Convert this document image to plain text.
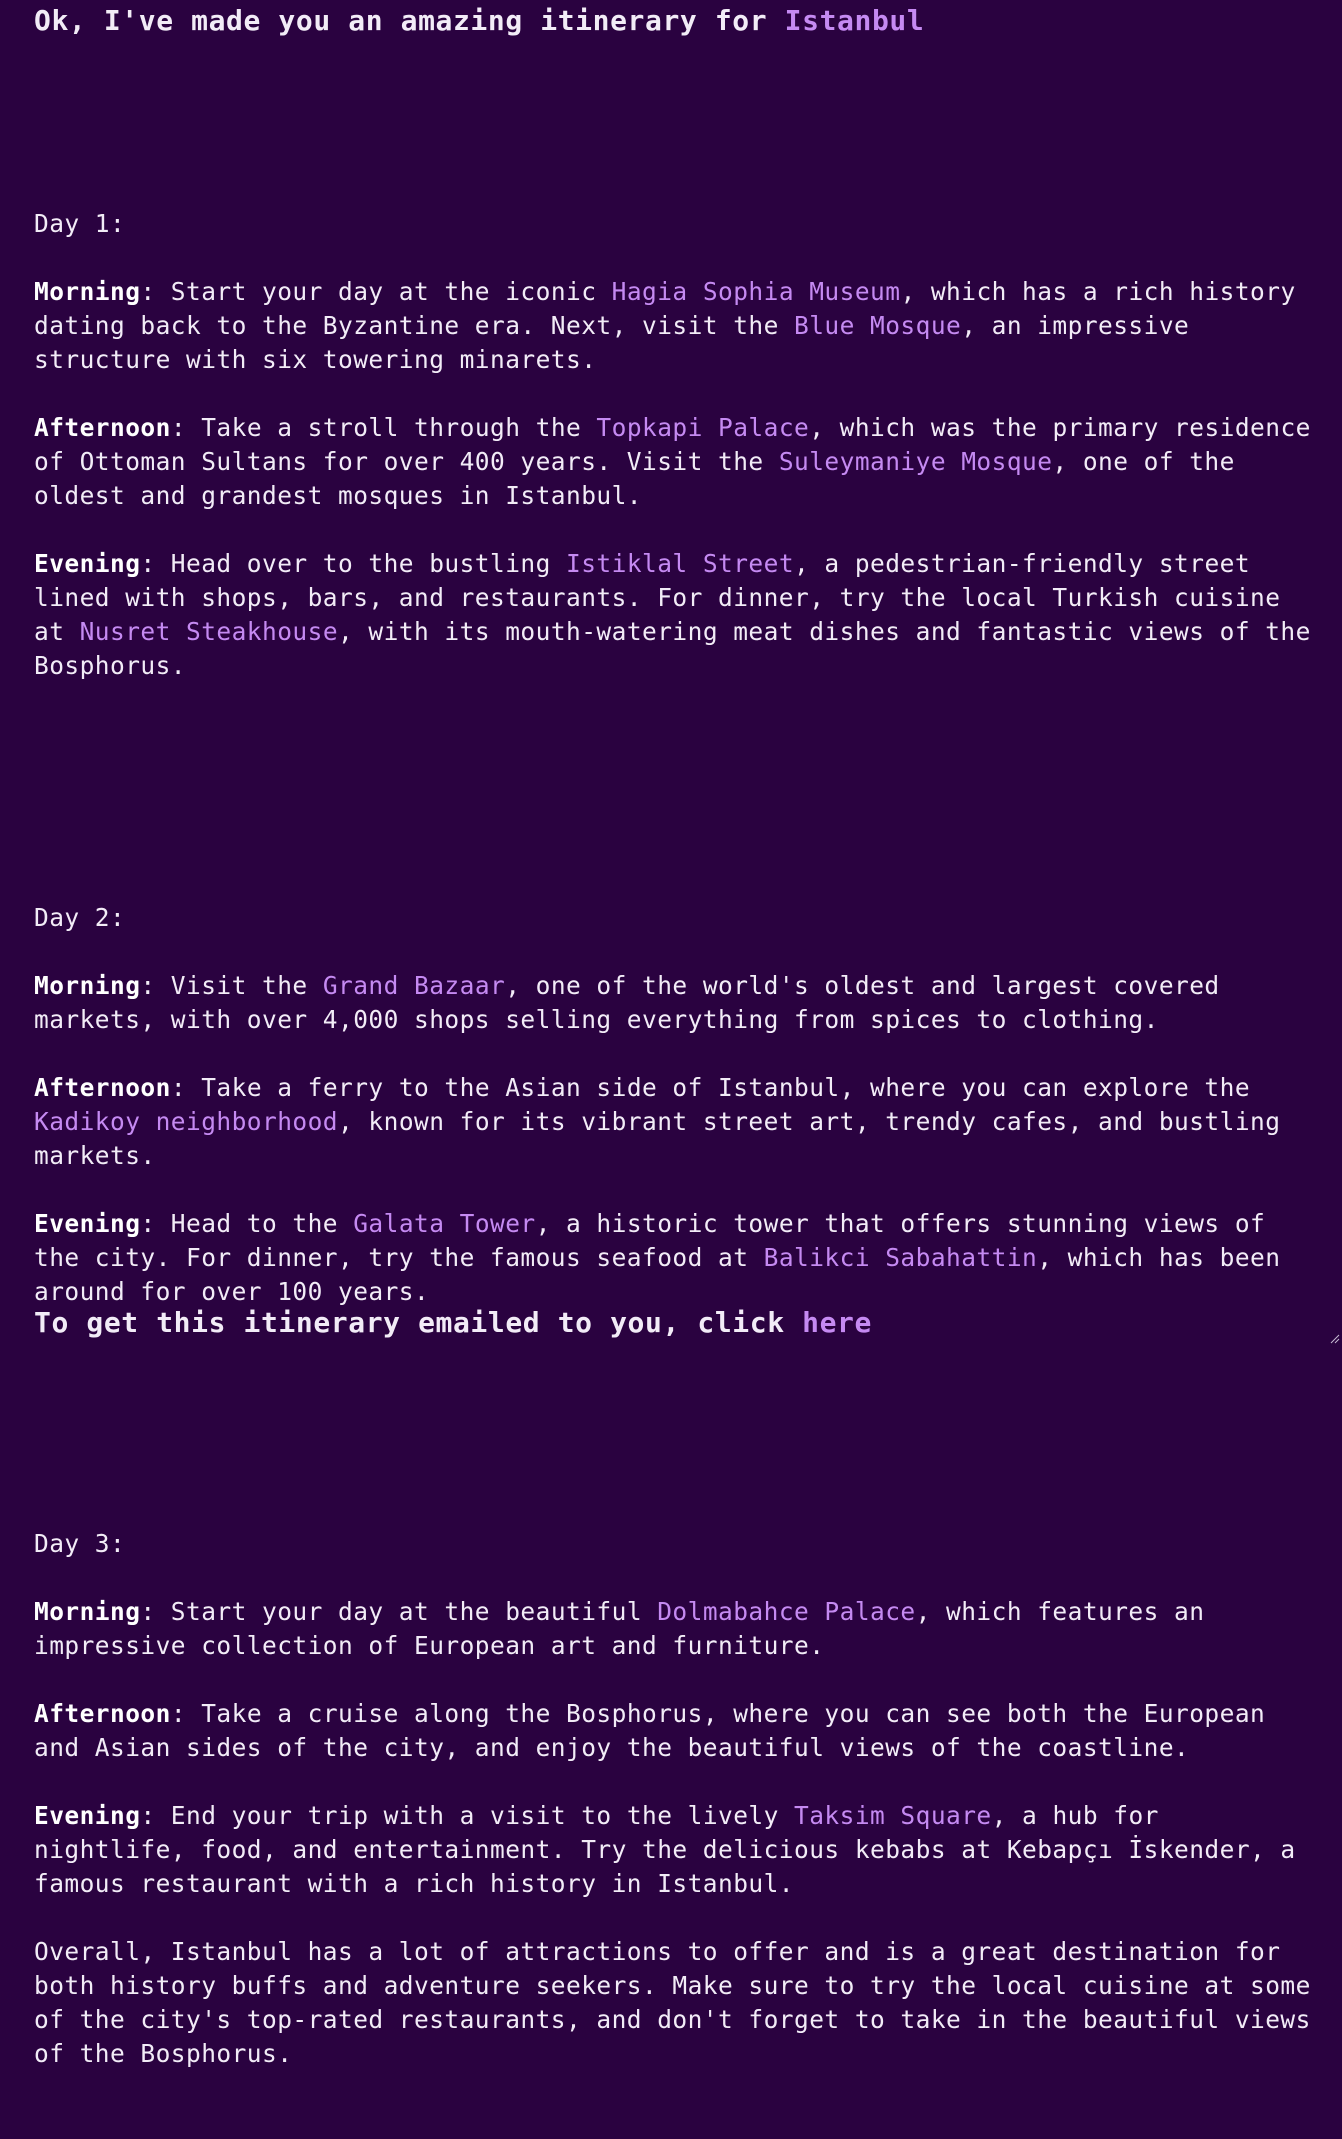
Ok, I've made you an amazing itinerary for Istanbul

Day 1:

Morning: Start your day at the iconic Hagia Sophia Museum, which has a rich history dating back to the Byzantine era. Next, visit the Blue Mosque, an impressive structure with six towering minarets.

Afternoon: Take a stroll through the Topkapi Palace, which was the primary residence of Ottoman Sultans for over 400 years. Visit the Suleymaniye Mosque, one of the oldest and grandest mosques in Istanbul.

Evening: Head over to the bustling Istiklal Street, a pedestrian-friendly street lined with shops, bars, and restaurants. For dinner, try the local Turkish cuisine at Nusret Steakhouse, with its mouth-watering meat dishes and fantastic views of the Bosphorus.

Day 2:

Morning: Visit the Grand Bazaar, one of the world's oldest and largest covered markets, with over 4,000 shops selling everything from spices to clothing.

Afternoon: Take a ferry to the Asian side of Istanbul, where you can explore the Kadikoy neighborhood, known for its vibrant street art, trendy cafes, and bustling markets.

Evening: Head to the Galata Tower, a historic tower that offers stunning views of the city. For dinner, try the famous seafood at Balikci Sabahattin, which has been around for over 100 years.

Day 3:

Morning: Start your day at the beautiful Dolmabahce Palace, which features an impressive collection of European art and furniture.

Afternoon: Take a cruise along the Bosphorus, where you can see both the European and Asian sides of the city, and enjoy the beautiful views of the coastline.

Evening: End your trip with a visit to the lively Taksim Square, a hub for nightlife, food, and entertainment. Try the delicious kebabs at Kebapçı İskender, a famous restaurant with a rich history in Istanbul.

Overall, Istanbul has a lot of attractions to offer and is a great destination for both history buffs and adventure seekers. Make sure to try the local cuisine at some of the city's top-rated restaurants, and don't forget to take in the beautiful views of the Bosphorus.

To get this itinerary emailed to you, click here
